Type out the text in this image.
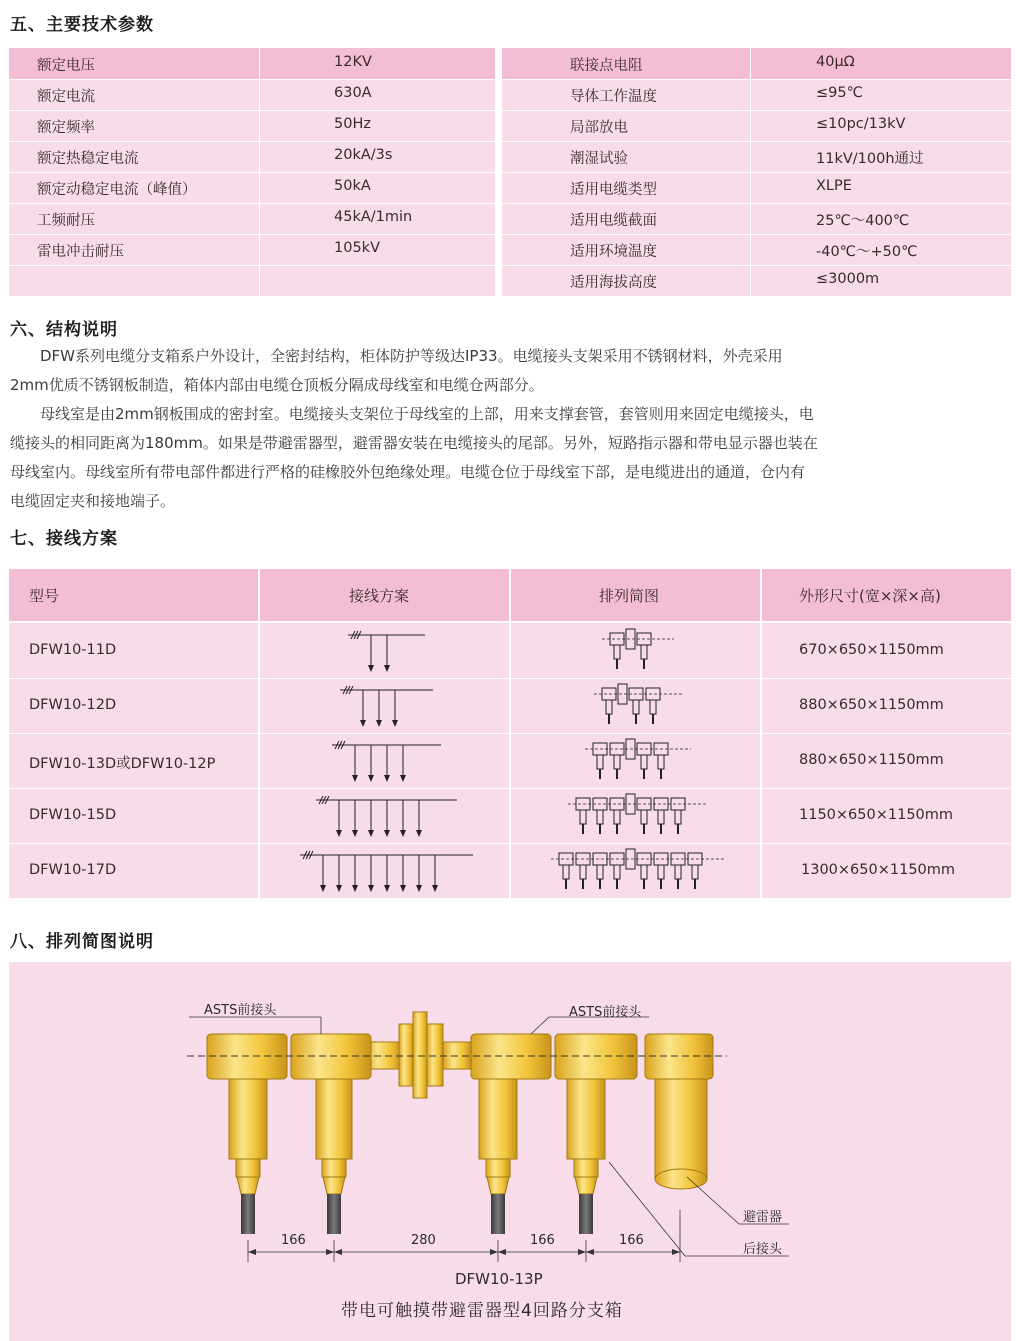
五、主要技术参数
雷电冲击耐压	105kV
工频耐压	45kA/1min
额定动稳定电流（峰值）	50kA
额定热稳定电流	20kA/3s
额定频率	50Hz
额定电流	630A
额定电压	12KV
适用海拔高度	≤3000m
适用环境温度	-40℃～+50℃
适用电缆截面	25℃～400℃
适用电缆类型	XLPE
潮湿试验	11kV/100h通过
局部放电	≤10pc/13kV
导体工作温度	≤95℃
联接点电阻	40μΩ
六、结构说明
DFW系列电缆分支箱系户外设计，全密封结构，柜体防护等级达IP33。电缆接头支架采用不锈钢材料，外壳采用
2mm优质不锈钢板制造，箱体内部由电缆仓顶板分隔成母线室和电缆仓两部分。
母线室是由2mm钢板围成的密封室。电缆接头支架位于母线室的上部，用来支撑套管，套管则用来固定电缆接头，电
缆接头的相同距离为180mm。如果是带避雷器型，避雷器安装在电缆接头的尾部。另外，短路指示器和带电显示器也装在
母线室内。母线室所有带电部件都进行严格的硅橡胶外包绝缘处理。电缆仓位于母线室下部，是电缆进出的通道，仓内有
电缆固定夹和接地端子。
七、接线方案
型号	接线方案	排列简图	外形尺寸(宽×深×高)
DFW10-11D	670×650×1150mm
DFW10-12D	880×650×1150mm
DFW10-13D或DFW10-12P	880×650×1150mm
DFW10-15D	1150×650×1150mm
DFW10-17D	1300×650×1150mm
八、排列简图说明
ASTS前接头	ASTS前接头
避雷器
后接头
166	280	166	166
DFW10-13P
带电可触摸带避雷器型4回路分支箱
